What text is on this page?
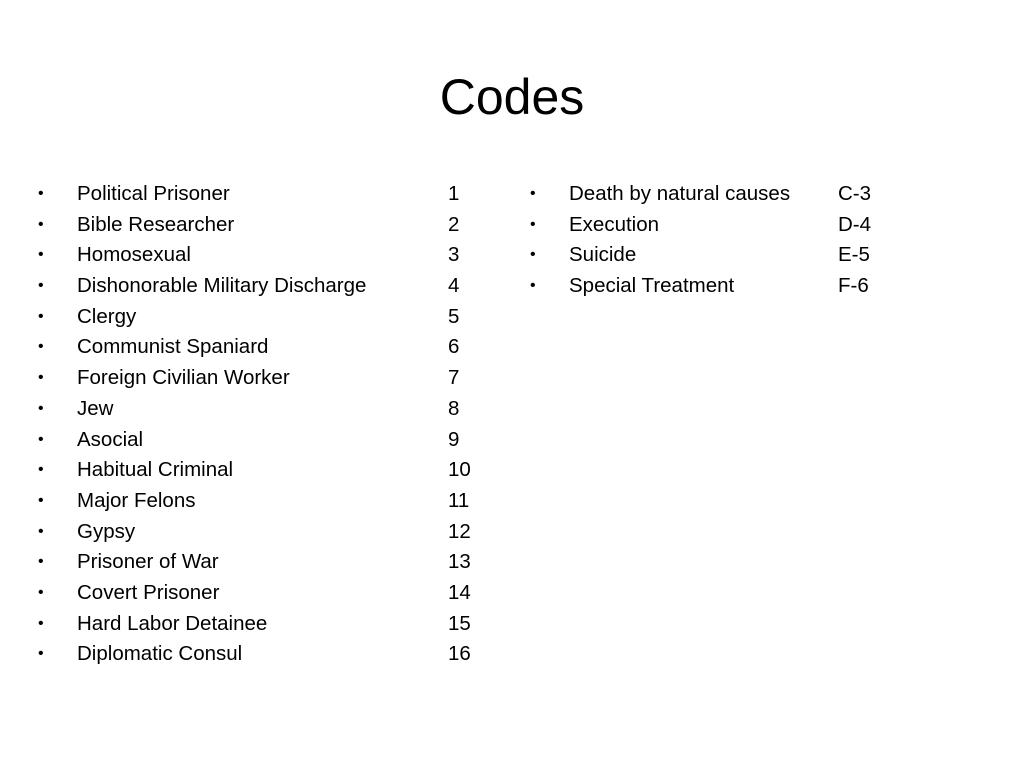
Codes
• Political Prisoner	1
• Bible Researcher	2
• Homosexual	3
• Dishonorable Military Discharge	4
• Clergy	5
• Communist Spaniard	6
• Foreign Civilian Worker	7
• Jew	8
• Asocial	9
• Habitual Criminal	10
• Major Felons	11
• Gypsy	12
• Prisoner of War	13
• Covert Prisoner	14
• Hard Labor Detainee	15
• Diplomatic Consul	16
• Death by natural causes C-3
• Execution	D-4
• Suicide	E-5
• Special Treatment	F-6
